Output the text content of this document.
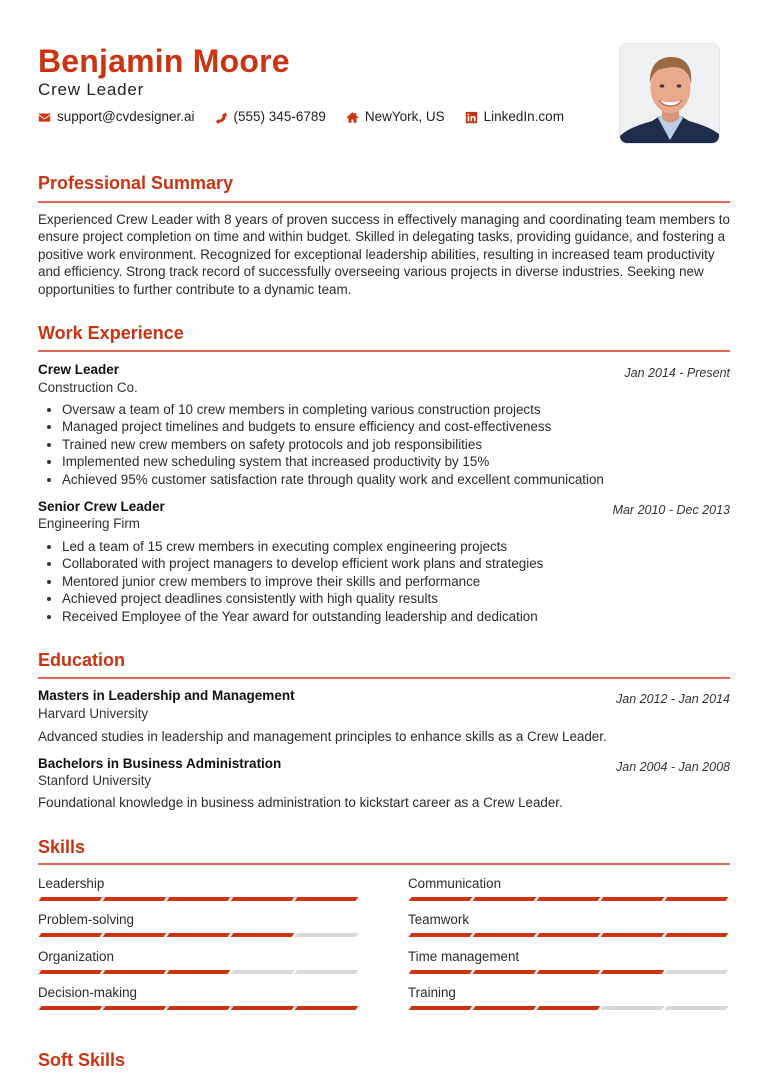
Benjamin Moore
Crew Leader
support@cvdesigner.ai	(555) 345-6789	NewYork, US	LinkedIn.com
Professional Summary

Experienced Crew Leader with 8 years of proven success in effectively managing and coordinating team members to ensure project completion on time and within budget. Skilled in delegating tasks, providing guidance, and fostering a positive work environment. Recognized for exceptional leadership abilities, resulting in increased team productivity and efficiency. Strong track record of successfully overseeing various projects in diverse industries. Seeking new opportunities to further contribute to a dynamic team.

Work Experience
Crew Leader	Jan 2014 - Present
Construction Co.
Oversaw a team of 10 crew members in completing various construction projects
Managed project timelines and budgets to ensure efficiency and cost-effectiveness
Trained new crew members on safety protocols and job responsibilities
Implemented new scheduling system that increased productivity by 15%
Achieved 95% customer satisfaction rate through quality work and excellent communication
Senior Crew Leader	Mar 2010 - Dec 2013
Engineering Firm
Led a team of 15 crew members in executing complex engineering projects
Collaborated with project managers to develop efficient work plans and strategies
Mentored junior crew members to improve their skills and performance
Achieved project deadlines consistently with high quality results
Received Employee of the Year award for outstanding leadership and dedication
Education
Masters in Leadership and Management	Jan 2012 - Jan 2014
Harvard University
Advanced studies in leadership and management principles to enhance skills as a Crew Leader.
Bachelors in Business Administration	Jan 2004 - Jan 2008
Stanford University
Foundational knowledge in business administration to kickstart career as a Crew Leader.
Skills
Leadership	Communication
Problem-solving	Teamwork
Organization	Time management
Decision-making	Training
Soft Skills
